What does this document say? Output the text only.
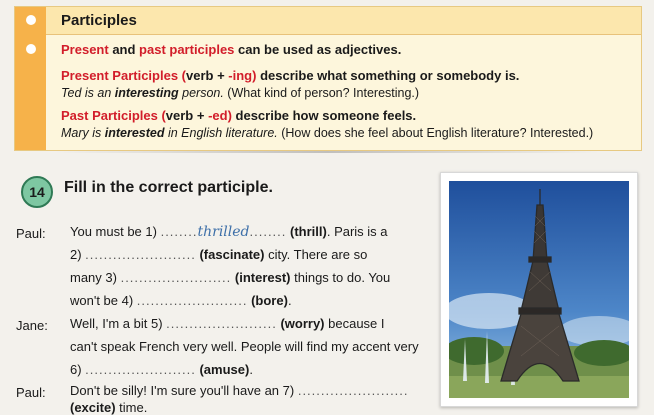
Participles
Present and past participles can be used as adjectives.
Present Participles (verb + -ing) describe what something or somebody is.
Ted is an interesting person. (What kind of person? Interesting.)
Past Participles (verb + -ed) describe how someone feels.
Mary is interested in English literature. (How does she feel about English literature? Interested.)
14	Fill in the correct participle.
Paul: You must be 1) ........thrilled........ (thrill). Paris is a
2) ........................ (fascinate) city. There are so
many 3) ........................ (interest) things to do. You
won't be 4) ........................ (bore).
Jane: Well, I'm a bit 5) ........................ (worry) because I
can't speak French very well. People will find my accent very
6) ........................ (amuse).
Paul: Don't be silly! I'm sure you'll have an 7) ........................
(excite) time.
